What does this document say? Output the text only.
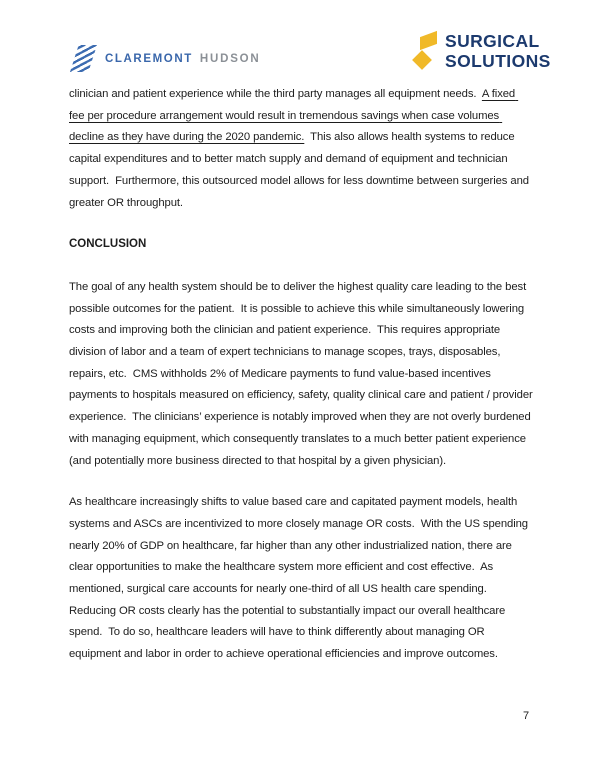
CLAREMONT HUDSON
SURGICAL
SOLUTIONS

clinician and patient experience while the third party manages all equipment needs.  A fixed fee per procedure arrangement would result in tremendous savings when case volumes decline as they have during the 2020 pandemic.  This also allows health systems to reduce capital expenditures and to better match supply and demand of equipment and technician support.  Furthermore, this outsourced model allows for less downtime between surgeries and greater OR throughput.

CONCLUSION

The goal of any health system should be to deliver the highest quality care leading to the best possible outcomes for the patient.  It is possible to achieve this while simultaneously lowering costs and improving both the clinician and patient experience.  This requires appropriate division of labor and a team of expert technicians to manage scopes, trays, disposables, repairs, etc.  CMS withholds 2% of Medicare payments to fund value-based incentives payments to hospitals measured on efficiency, safety, quality clinical care and patient / provider experience.  The clinicians’ experience is notably improved when they are not overly burdened with managing equipment, which consequently translates to a much better patient experience (and potentially more business directed to that hospital by a given physician).

As healthcare increasingly shifts to value based care and capitated payment models, health systems and ASCs are incentivized to more closely manage OR costs.  With the US spending nearly 20% of GDP on healthcare, far higher than any other industrialized nation, there are clear opportunities to make the healthcare system more efficient and cost effective.  As mentioned, surgical care accounts for nearly one-third of all US health care spending.  Reducing OR costs clearly has the potential to substantially impact our overall healthcare spend.  To do so, healthcare leaders will have to think differently about managing OR equipment and labor in order to achieve operational efficiencies and improve outcomes.

7
